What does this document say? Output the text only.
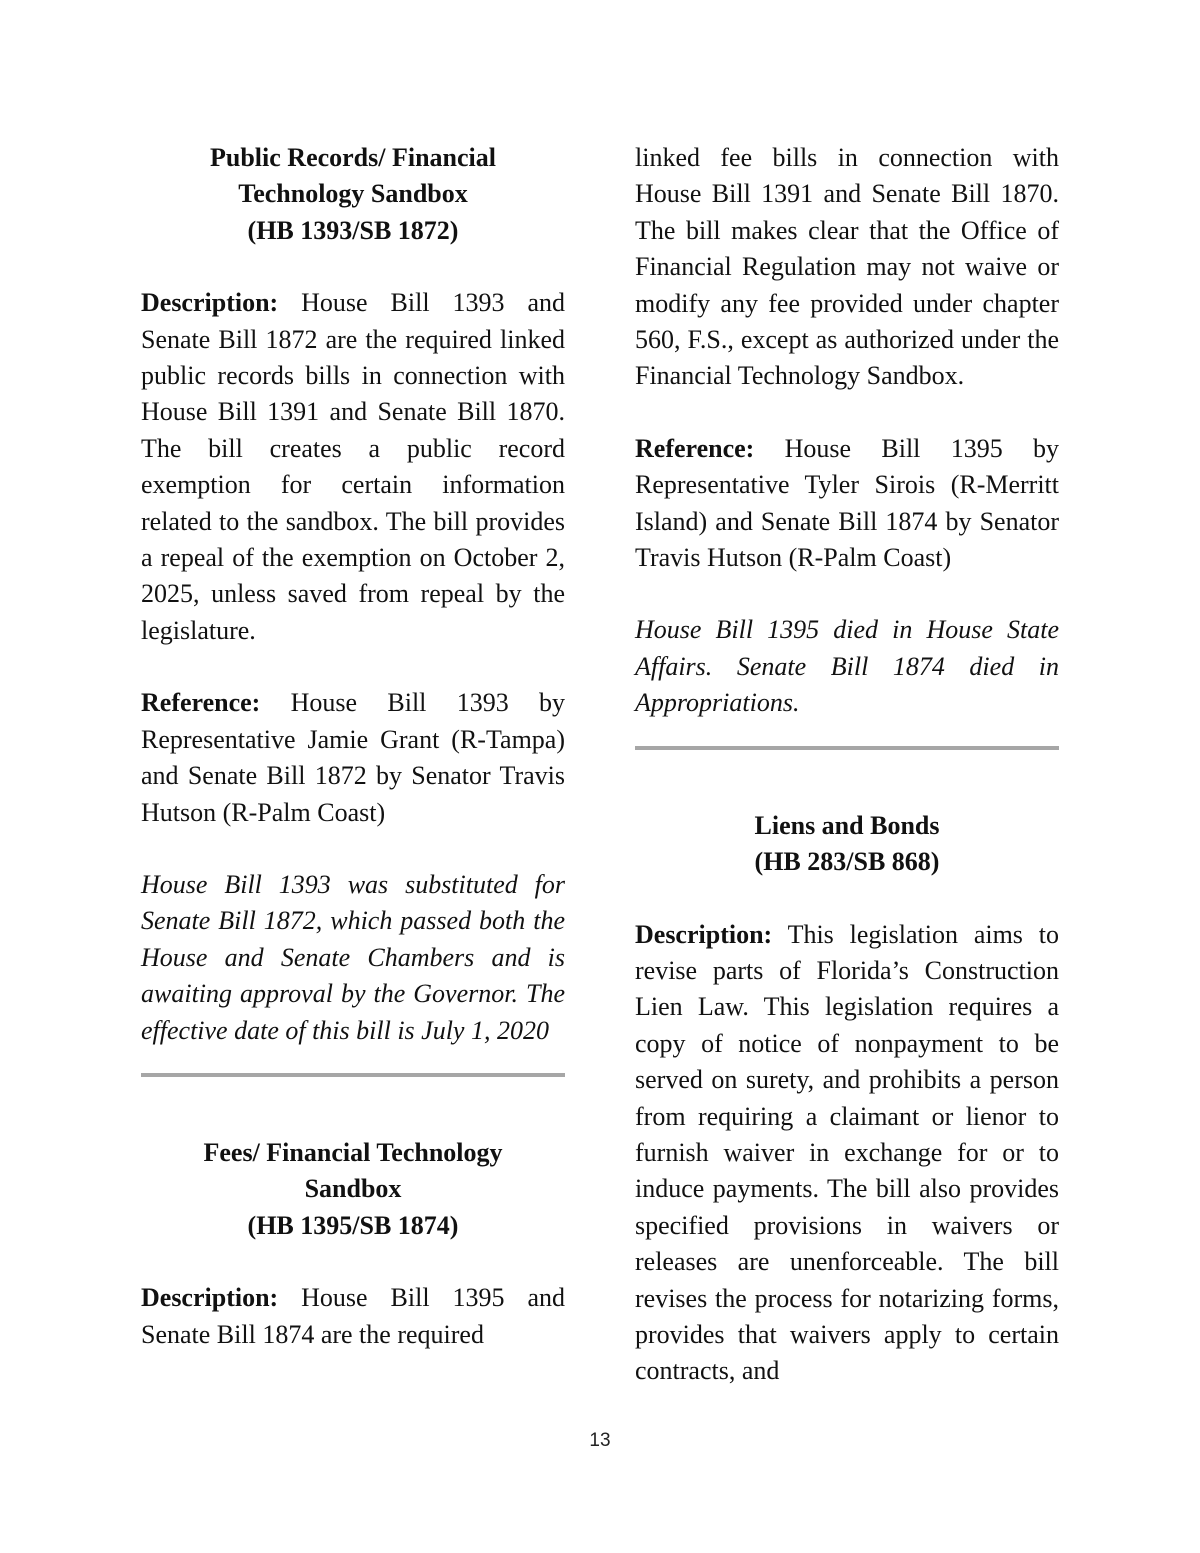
Public Records/ Financial
Technology Sandbox
(HB 1393/SB 1872)

Description: House Bill 1393 and Senate Bill 1872 are the required linked public records bills in connection with House Bill 1391 and Senate Bill 1870. The bill creates a public record exemption for certain information related to the sandbox. The bill provides a repeal of the exemption on October 2, 2025, unless saved from repeal by the legislature.

Reference: House Bill 1393 by Representative Jamie Grant (R-Tampa) and Senate Bill 1872 by Senator Travis Hutson (R-Palm Coast)

House Bill 1393 was substituted for Senate Bill 1872, which passed both the House and Senate Chambers and is awaiting approval by the Governor. The effective date of this bill is July 1, 2020

Fees/ Financial Technology
Sandbox
(HB 1395/SB 1874)

Description: House Bill 1395 and Senate Bill 1874 are the required

linked fee bills in connection with House Bill 1391 and Senate Bill 1870. The bill makes clear that the Office of Financial Regulation may not waive or modify any fee provided under chapter 560, F.S., except as authorized under the Financial Technology Sandbox.

Reference: House Bill 1395 by Representative Tyler Sirois (R-Merritt Island) and Senate Bill 1874 by Senator Travis Hutson (R-Palm Coast)

House Bill 1395 died in House State Affairs. Senate Bill 1874 died in Appropriations.

Liens and Bonds
(HB 283/SB 868)

Description: This legislation aims to revise parts of Florida’s Construction Lien Law. This legislation requires a copy of notice of nonpayment to be served on surety, and prohibits a person from requiring a claimant or lienor to furnish waiver in exchange for or to induce payments. The bill also provides specified provisions in waivers or releases are unenforceable. The bill revises the process for notarizing forms, provides that waivers apply to certain contracts, and

13
